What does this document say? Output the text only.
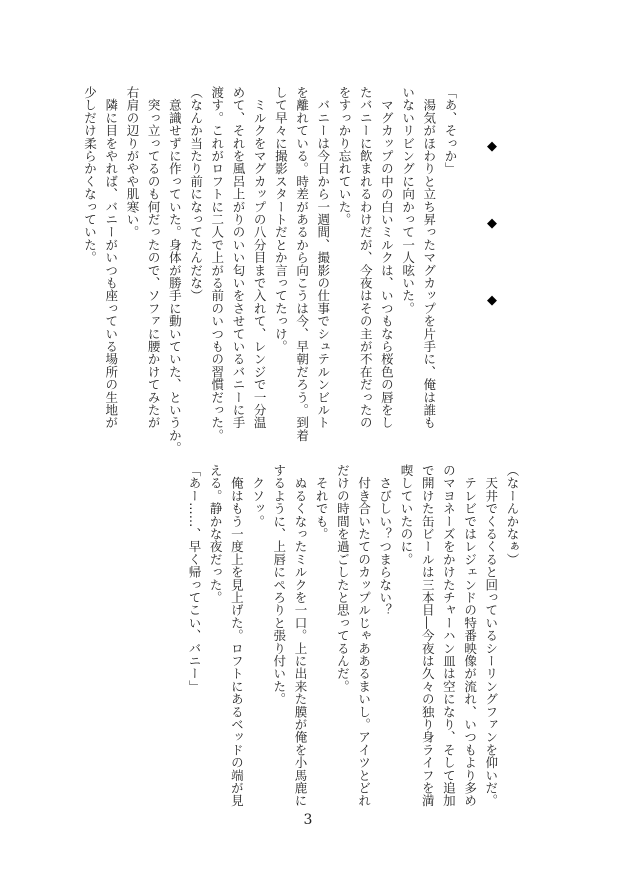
◆
◆
◆
「あ、そっか」
　湯気がほわりと立ち昇ったマグカップを片手に、俺は誰も
いないリビングに向かって一人呟いた。
　マグカップの中の白いミルクは、いつもなら桜色の唇をし
たバニーに飲まれるわけだが、今夜はその主が不在だったの
をすっかり忘れていた。
　バニーは今日から一週間、撮影の仕事でシュテルンビルト
を離れている。時差があるから向こうは今、早朝だろう。到着
して早々に撮影スタートだとか言ってたっけ。
　ミルクをマグカップの八分目まで入れて、レンジで一分温
めて、それを風呂上がりのいい匂いをさせているバニーに手
渡す。これがロフトに二人で上がる前のいつもの習慣だった。
（なんか当たり前になってたんだな）
　意識せずに作っていた。身体が勝手に動いていた、というか。
　突っ立ってるのも何だったので、ソファに腰かけてみたが
右肩の辺りがやや肌寒い。
　隣に目をやれば、バニーがいつも座っている場所の生地が
少しだけ柔らかくなっていた。
（なーんかなぁ）
　天井でくるくると回っているシーリングファンを仰いだ。
　テレビではレジェンドの特番映像が流れ、いつもより多め
のマヨネーズをかけたチャーハン皿は空になり、そして追加
で開けた缶ビールは三本目―今夜は久々の独り身ライフを満
喫していたのに。
　さびしい？つまらない？
　付き合いたてのカップルじゃああるまいし。アイツとどれ
だけの時間を過ごしたと思ってるんだ。
　それでも。
　ぬるくなったミルクを一口。上に出来た膜が俺を小馬鹿に
するように、上唇にぺろりと張り付いた。
　クソッ。
　俺はもう一度上を見上げた。ロフトにあるベッドの端が見
える。静かな夜だった。
「あー……、早く帰ってこい、バニー」
3
